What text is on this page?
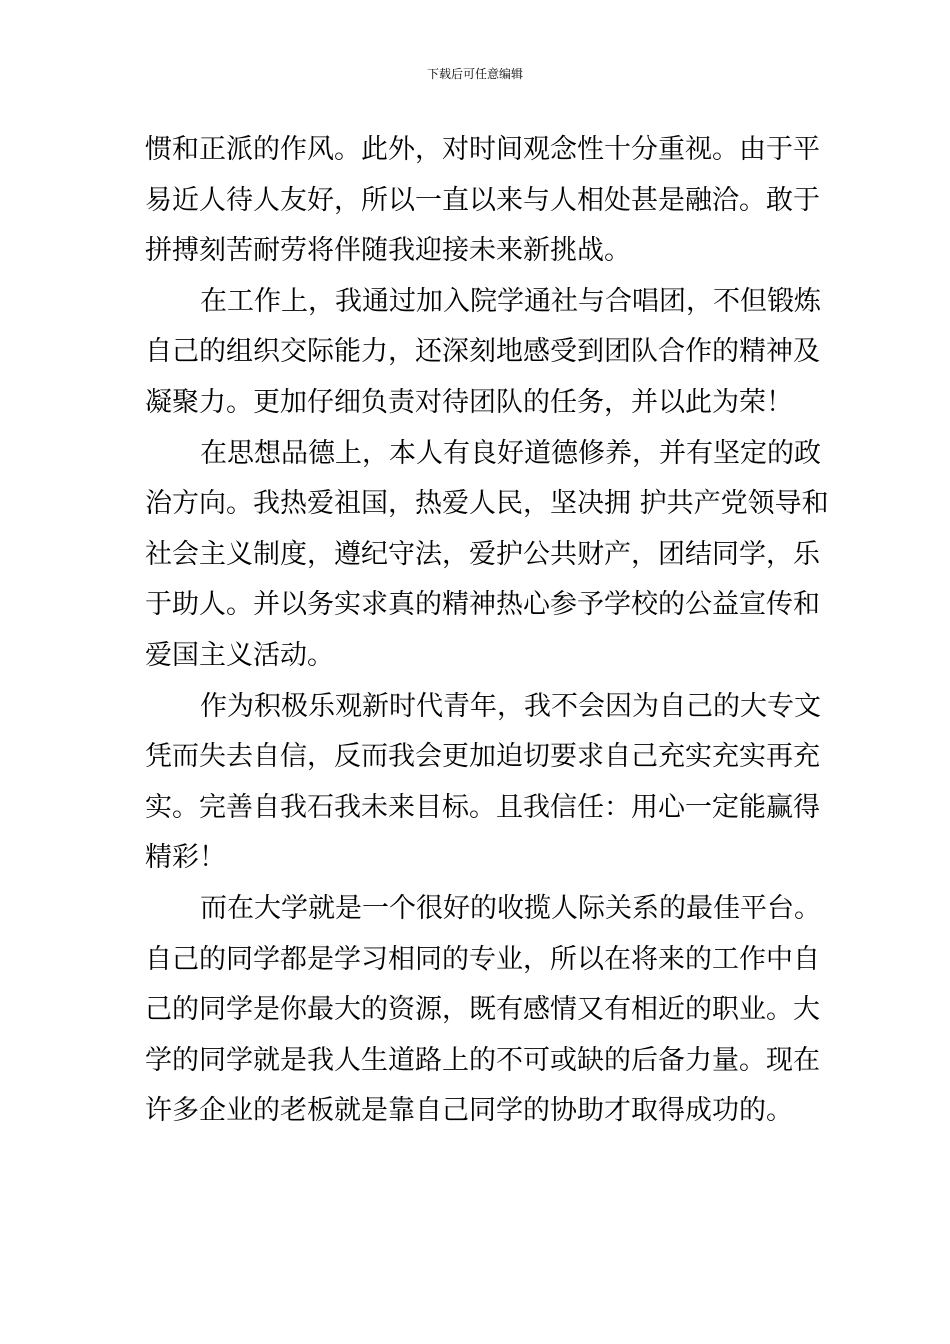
下载后可任意编辑
惯和正派的作风。此外，对时间观念性十分重视。由于平
易近人待人友好，所以一直以来与人相处甚是融洽。敢于
拼搏刻苦耐劳将伴随我迎接未来新挑战。
在工作上，我通过加入院学通社与合唱团，不但锻炼
自己的组织交际能力，还深刻地感受到团队合作的精神及
凝聚力。更加仔细负责对待团队的任务，并以此为荣！
在思想品德上，本人有良好道德修养，并有坚定的政
治方向。我热爱祖国，热爱人民，坚决拥 护共产党领导和
社会主义制度，遵纪守法，爱护公共财产，团结同学，乐
于助人。并以务实求真的精神热心参予学校的公益宣传和
爱国主义活动。
作为积极乐观新时代青年，我不会因为自己的大专文
凭而失去自信，反而我会更加迫切要求自己充实充实再充
实。完善自我石我未来目标。且我信任：用心一定能赢得
精彩！
而在大学就是一个很好的收揽人际关系的最佳平台。
自己的同学都是学习相同的专业，所以在将来的工作中自
己的同学是你最大的资源，既有感情又有相近的职业。大
学的同学就是我人生道路上的不可或缺的后备力量。现在
许多企业的老板就是靠自己同学的协助才取得成功的。
